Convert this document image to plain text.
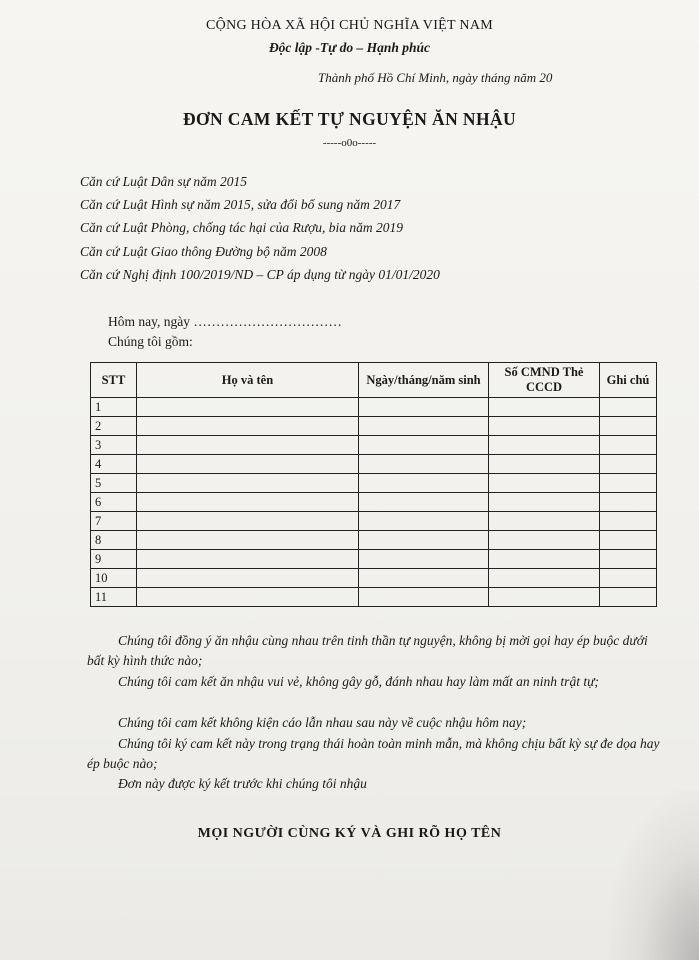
CỘNG HÒA XÃ HỘI CHỦ NGHĨA VIỆT NAM
Độc lập -Tự do – Hạnh phúc
Thành phố Hồ Chí Minh, ngày tháng năm 20
ĐƠN CAM KẾT TỰ NGUYỆN ĂN NHẬU
-----o0o-----
Căn cứ Luật Dân sự năm 2015
Căn cứ Luật Hình sự năm 2015, sửa đổi bổ sung năm 2017
Căn cứ Luật Phòng, chống tác hại của Rượu, bia năm 2019
Căn cứ Luật Giao thông Đường bộ năm 2008
Căn cứ Nghị định 100/2019/ND – CP áp dụng từ ngày 01/01/2020
Hôm nay, ngày ……………………………
Chúng tôi gồm:
STT	Họ và tên	Ngày/tháng/năm sinh	Số CMND Thẻ CCCD	Ghi chú
1				
2				
3				
4				
5				
6				
7				
8				
9				
10				
11				
Chúng tôi đồng ý ăn nhậu cùng nhau trên tinh thần tự nguyện, không bị mời gọi hay ép buộc dưới bất kỳ hình thức nào;
Chúng tôi cam kết ăn nhậu vui vẻ, không gây gỗ, đánh nhau hay làm mất an ninh trật tự;
Chúng tôi cam kết không kiện cáo lẫn nhau sau này về cuộc nhậu hôm nay;
Chúng tôi ký cam kết này trong trạng thái hoàn toàn minh mẫn, mà không chịu bất kỳ sự đe dọa hay ép buộc nào;
Đơn này được ký kết trước khi chúng tôi nhậu
MỌI NGƯỜI CÙNG KÝ VÀ GHI RÕ HỌ TÊN
